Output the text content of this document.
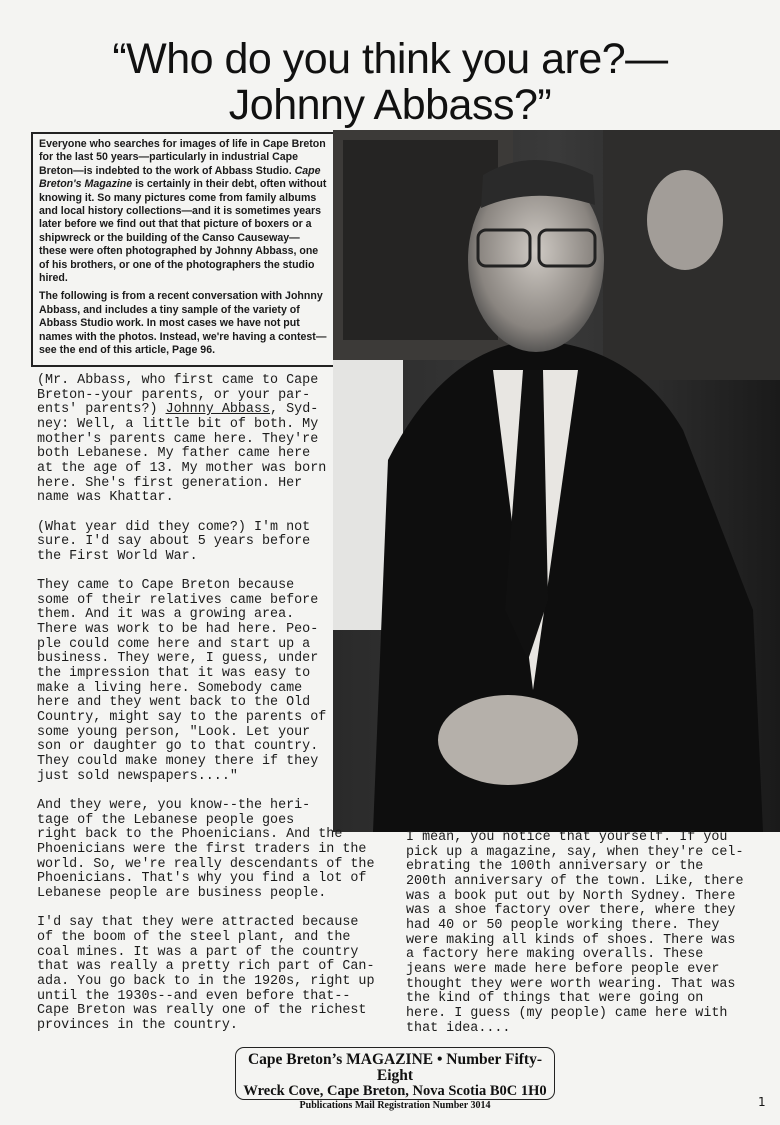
“Who do you think you are?—
Johnny Abbass?”

Everyone who searches for images of life in Cape Breton for the last 50 years—particularly in industrial Cape Breton—is indebted to the work of Abbass Studio. Cape Breton's Magazine is certainly in their debt, often without knowing it. So many pictures come from family albums and local history collections—and it is sometimes years later before we find out that that picture of boxers or a shipwreck or the building of the Canso Causeway—these were often photographed by Johnny Abbass, one of his brothers, or one of the photographers the studio hired.

The following is from a recent conversation with Johnny Abbass, and includes a tiny sample of the variety of Abbass Studio work. In most cases we have not put names with the photos. Instead, we're having a contest—see the end of this article, Page 96.

(Mr. Abbass, who first came to Cape
Breton--your parents, or your par-
ents' parents?) Johnny Abbass, Syd-
ney: Well, a little bit of both. My
mother's parents came here. They're
both Lebanese. My father came here
at the age of 13. My mother was born
here. She's first generation. Her
name was Khattar.

(What year did they come?) I'm not
sure. I'd say about 5 years before
the First World War.
They came to Cape Breton because
some of their relatives came before
them. And it was a growing area.
There was work to be had here. Peo-
ple could come here and start up a
business. They were, I guess, under
the impression that it was easy to
make a living here. Somebody came
here and they went back to the Old
Country, might say to the parents of
some young person, "Look. Let your
son or daughter go to that country.
They could make money there if they
just sold newspapers...."
And they were, you know--the heri-
tage of the Lebanese people goes
right back to the Phoenicians. And the
Phoenicians were the first traders in the
world. So, we're really descendants of the
Phoenicians. That's why you find a lot of
Lebanese people are business people.
I'd say that they were attracted because
of the boom of the steel plant, and the
coal mines. It was a part of the country
that was really a pretty rich part of Can-
ada. You go back to in the 1920s, right up
until the 1930s--and even before that--
Cape Breton was really one of the richest
provinces in the country.
I mean, you notice that yourself. If you
pick up a magazine, say, when they're cel-
ebrating the 100th anniversary or the
200th anniversary of the town. Like, there
was a book put out by North Sydney. There
was a shoe factory over there, where they
had 40 or 50 people working there. They
were making all kinds of shoes. There was
a factory here making overalls. These
jeans were made here before people ever
thought they were worth wearing. That was
the kind of things that were going on
here. I guess (my people) came here with
that idea....
Cape Breton’s MAGAZINE • Number Fifty-Eight
Wreck Cove, Cape Breton, Nova Scotia B0C 1H0
Publications Mail Registration Number 3014	1
